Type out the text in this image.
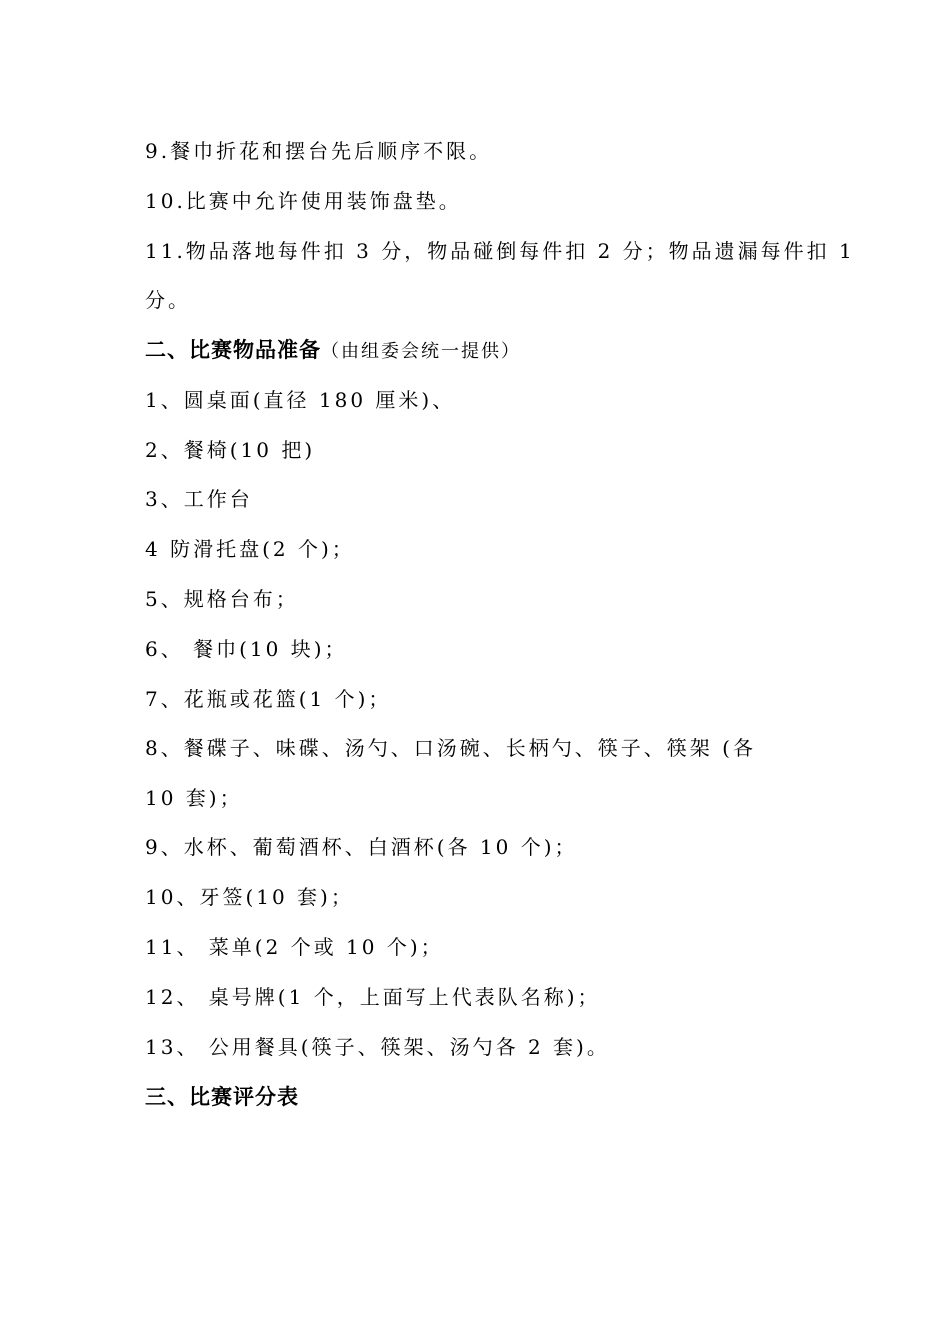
9.餐巾折花和摆台先后顺序不限。
10.比赛中允许使用装饰盘垫。
11.物品落地每件扣 3 分，物品碰倒每件扣 2 分；物品遗漏每件扣 1
分。
二、比赛物品准备（由组委会统一提供）
1、圆桌面(直径 180 厘米)、
2、餐椅(10 把)
3、工作台
4 防滑托盘(2 个)；
5、规格台布；
6、 餐巾(10 块)；
7、花瓶或花篮(1 个)；
8、餐碟子、味碟、汤勺、口汤碗、长柄勺、筷子、筷架 (各
10 套)；
9、水杯、葡萄酒杯、白酒杯(各 10 个)；
10、牙签(10 套)；
11、 菜单(2 个或 10 个)；
12、 桌号牌(1 个，上面写上代表队名称)；
13、 公用餐具(筷子、筷架、汤勺各 2 套)。
三、比赛评分表
